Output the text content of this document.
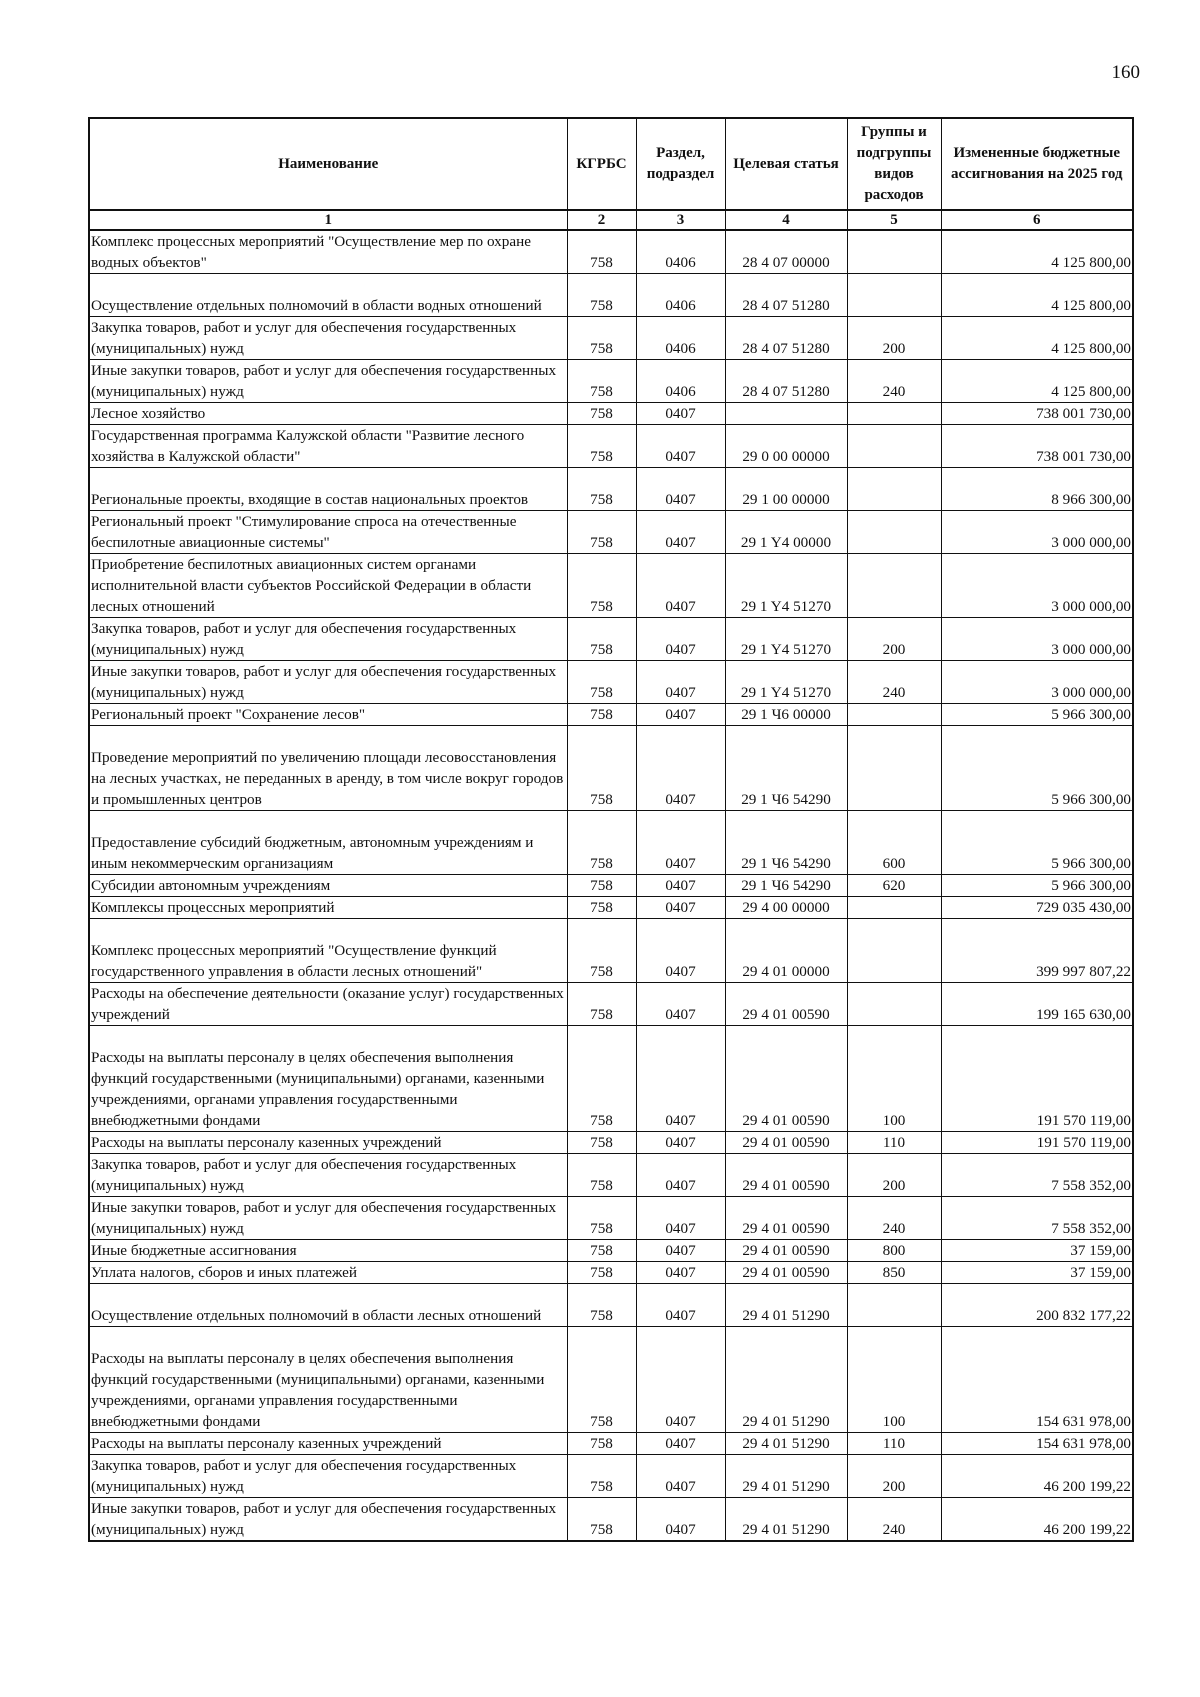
160
Наименование	КГРБС	Раздел, подраздел	Целевая статья	Группы и подгруппы видов расходов	Измененные бюджетные ассигнования на 2025 год
1	2	3	4	5	6
Комплекс процессных мероприятий "Осуществление мер по охране водных объектов"	758	0406	28 4 07 00000		4 125 800,00
Осуществление отдельных полномочий в области водных отношений	758	0406	28 4 07 51280		4 125 800,00
Закупка товаров, работ и услуг для обеспечения государственных (муниципальных) нужд	758	0406	28 4 07 51280	200	4 125 800,00
Иные закупки товаров, работ и услуг для обеспечения государственных (муниципальных) нужд	758	0406	28 4 07 51280	240	4 125 800,00
Лесное хозяйство	758	0407			738 001 730,00
Государственная программа Калужской области "Развитие лесного хозяйства в Калужской области"	758	0407	29 0 00 00000		738 001 730,00
Региональные проекты, входящие в состав национальных проектов	758	0407	29 1 00 00000		8 966 300,00
Региональный проект "Стимулирование спроса на отечественные беспилотные авиационные системы"	758	0407	29 1 Y4 00000		3 000 000,00
Приобретение беспилотных авиационных систем органами исполнительной власти субъектов Российской Федерации в области лесных отношений	758	0407	29 1 Y4 51270		3 000 000,00
Закупка товаров, работ и услуг для обеспечения государственных (муниципальных) нужд	758	0407	29 1 Y4 51270	200	3 000 000,00
Иные закупки товаров, работ и услуг для обеспечения государственных (муниципальных) нужд	758	0407	29 1 Y4 51270	240	3 000 000,00
Региональный проект "Сохранение лесов"	758	0407	29 1 Ч6 00000		5 966 300,00
Проведение мероприятий по увеличению площади лесовосстановления на лесных участках, не переданных в аренду, в том числе вокруг городов и промышленных центров	758	0407	29 1 Ч6 54290		5 966 300,00
Предоставление субсидий бюджетным, автономным учреждениям и иным некоммерческим организациям	758	0407	29 1 Ч6 54290	600	5 966 300,00
Субсидии автономным учреждениям	758	0407	29 1 Ч6 54290	620	5 966 300,00
Комплексы процессных мероприятий	758	0407	29 4 00 00000		729 035 430,00
Комплекс процессных мероприятий "Осуществление функций государственного управления в области лесных отношений"	758	0407	29 4 01 00000		399 997 807,22
Расходы на обеспечение деятельности (оказание услуг) государственных учреждений	758	0407	29 4 01 00590		199 165 630,00
Расходы на выплаты персоналу в целях обеспечения выполнения функций государственными (муниципальными) органами, казенными учреждениями, органами управления государственными внебюджетными фондами	758	0407	29 4 01 00590	100	191 570 119,00
Расходы на выплаты персоналу казенных учреждений	758	0407	29 4 01 00590	110	191 570 119,00
Закупка товаров, работ и услуг для обеспечения государственных (муниципальных) нужд	758	0407	29 4 01 00590	200	7 558 352,00
Иные закупки товаров, работ и услуг для обеспечения государственных (муниципальных) нужд	758	0407	29 4 01 00590	240	7 558 352,00
Иные бюджетные ассигнования	758	0407	29 4 01 00590	800	37 159,00
Уплата налогов, сборов и иных платежей	758	0407	29 4 01 00590	850	37 159,00
Осуществление отдельных полномочий в области лесных отношений	758	0407	29 4 01 51290		200 832 177,22
Расходы на выплаты персоналу в целях обеспечения выполнения функций государственными (муниципальными) органами, казенными учреждениями, органами управления государственными внебюджетными фондами	758	0407	29 4 01 51290	100	154 631 978,00
Расходы на выплаты персоналу казенных учреждений	758	0407	29 4 01 51290	110	154 631 978,00
Закупка товаров, работ и услуг для обеспечения государственных (муниципальных) нужд	758	0407	29 4 01 51290	200	46 200 199,22
Иные закупки товаров, работ и услуг для обеспечения государственных (муниципальных) нужд	758	0407	29 4 01 51290	240	46 200 199,22
